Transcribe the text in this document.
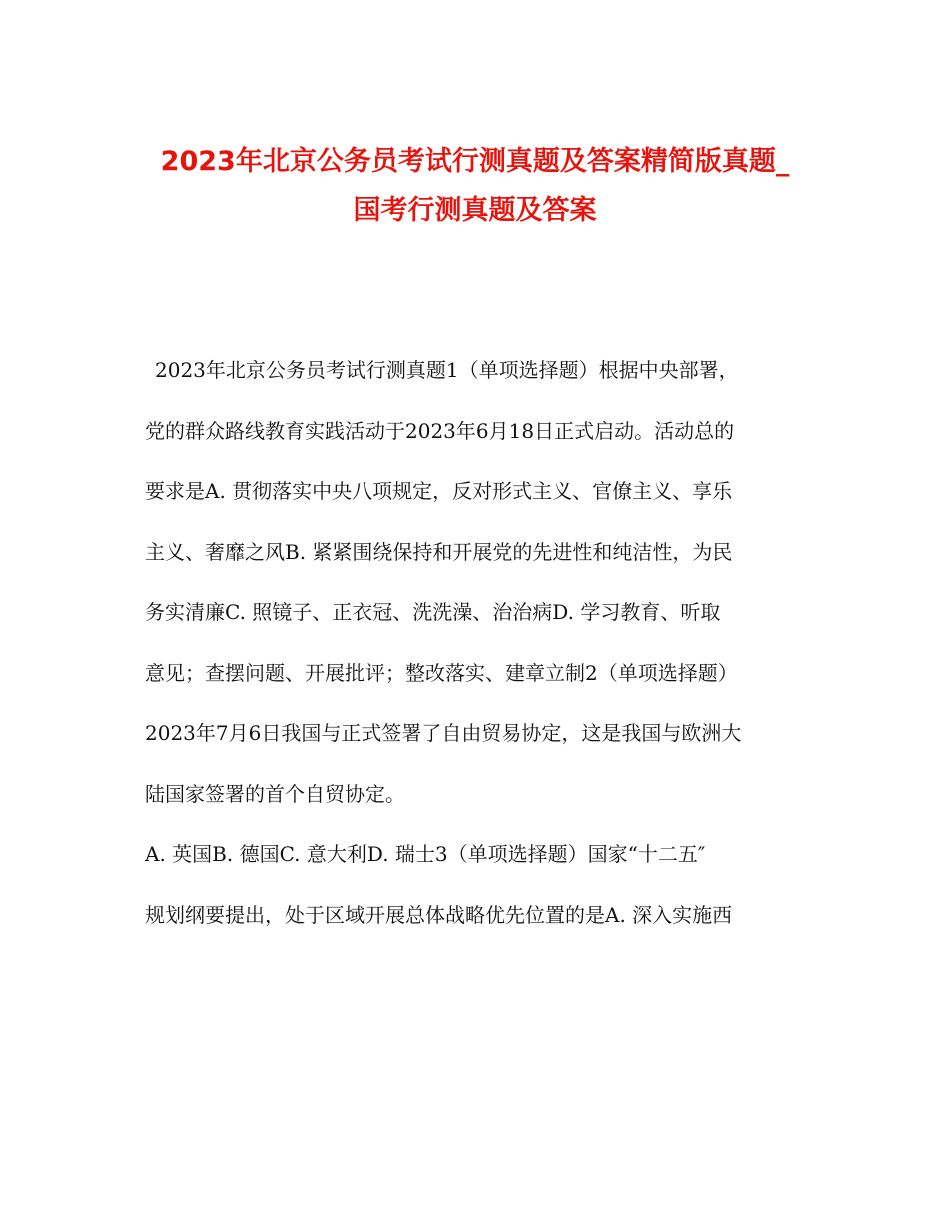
2023年北京公务员考试行测真题及答案精简版真题_
国考行测真题及答案
2023年北京公务员考试行测真题1（单项选择题）根据中央部署，
党的群众路线教育实践活动于2023年6月18日正式启动。活动总的
要求是A. 贯彻落实中央八项规定，反对形式主义、官僚主义、享乐
主义、奢靡之风B. 紧紧围绕保持和开展党的先进性和纯洁性，为民
务实清廉C. 照镜子、正衣冠、洗洗澡、治治病D. 学习教育、听取
意见；查摆问题、开展批评；整改落实、建章立制2（单项选择题）
2023年7月6日我国与正式签署了自由贸易协定，这是我国与欧洲大
陆国家签署的首个自贸协定。
A. 英国B. 德国C. 意大利D. 瑞士3（单项选择题）国家“十二五″
规划纲要提出，处于区域开展总体战略优先位置的是A. 深入实施西
